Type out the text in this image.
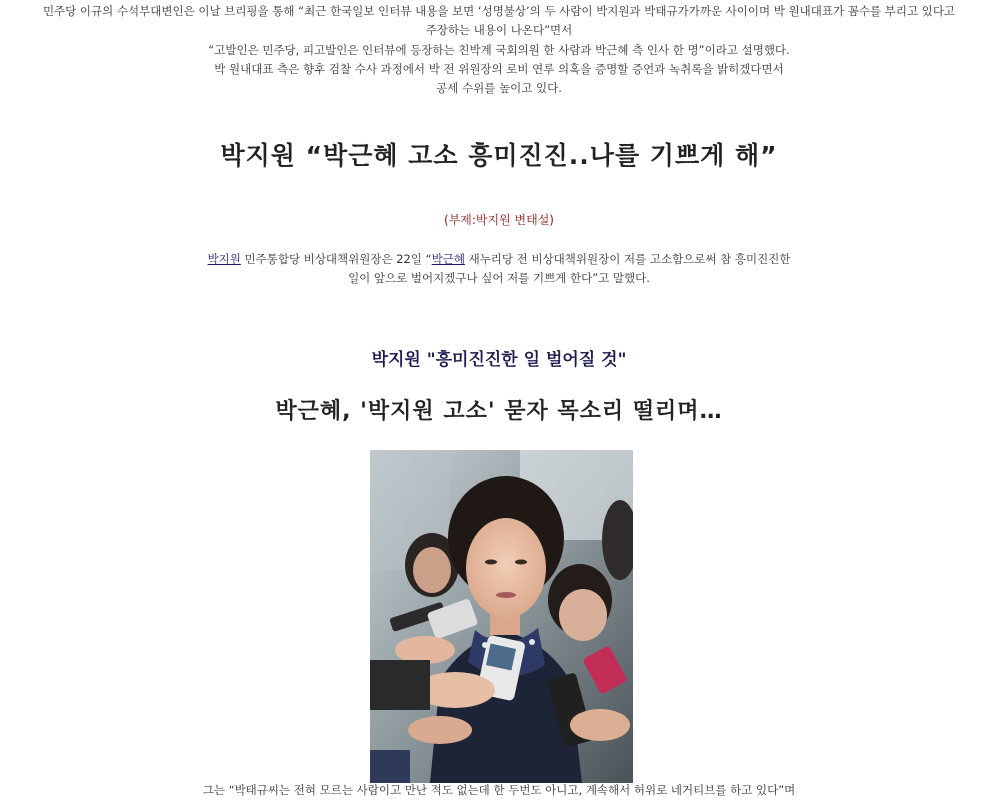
민주당 이규의 수석부대변인은 이날 브리핑을 통해 “최근 한국일보 인터뷰 내용을 보면 ‘성명불상’의 두 사람이 박지원과 박태규가가까운 사이이며 박 원내대표가 꼼수를 부리고 있다고
주장하는 내용이 나온다”면서
“고발인은 민주당, 피고발인은 인터뷰에 등장하는 친박계 국회의원 한 사람과 박근혜 측 인사 한 명”이라고 설명했다.
박 원내대표 측은 향후 검찰 수사 과정에서 박 전 위원장의 로비 연루 의혹을 증명할 증언과 녹취록을 밝히겠다면서
공세 수위를 높이고 있다.
박지원 “박근혜 고소 흥미진진..나를 기쁘게 해”
(부제:박지원 변태설)
박지원 민주통합당 비상대책위원장은 22일 “박근혜 새누리당 전 비상대책위원장이 저를 고소함으로써 참 흥미진진한
일이 앞으로 벌어지겠구나 싶어 저를 기쁘게 한다”고 말했다.
박지원 "흥미진진한 일 벌어질 것"
박근혜, '박지원 고소' 묻자 목소리 떨리며…
그는 “박태규씨는 전혀 모르는 사람이고 만난 적도 없는데 한 두번도 아니고, 계속해서 허위로 네거티브를 하고 있다”며
